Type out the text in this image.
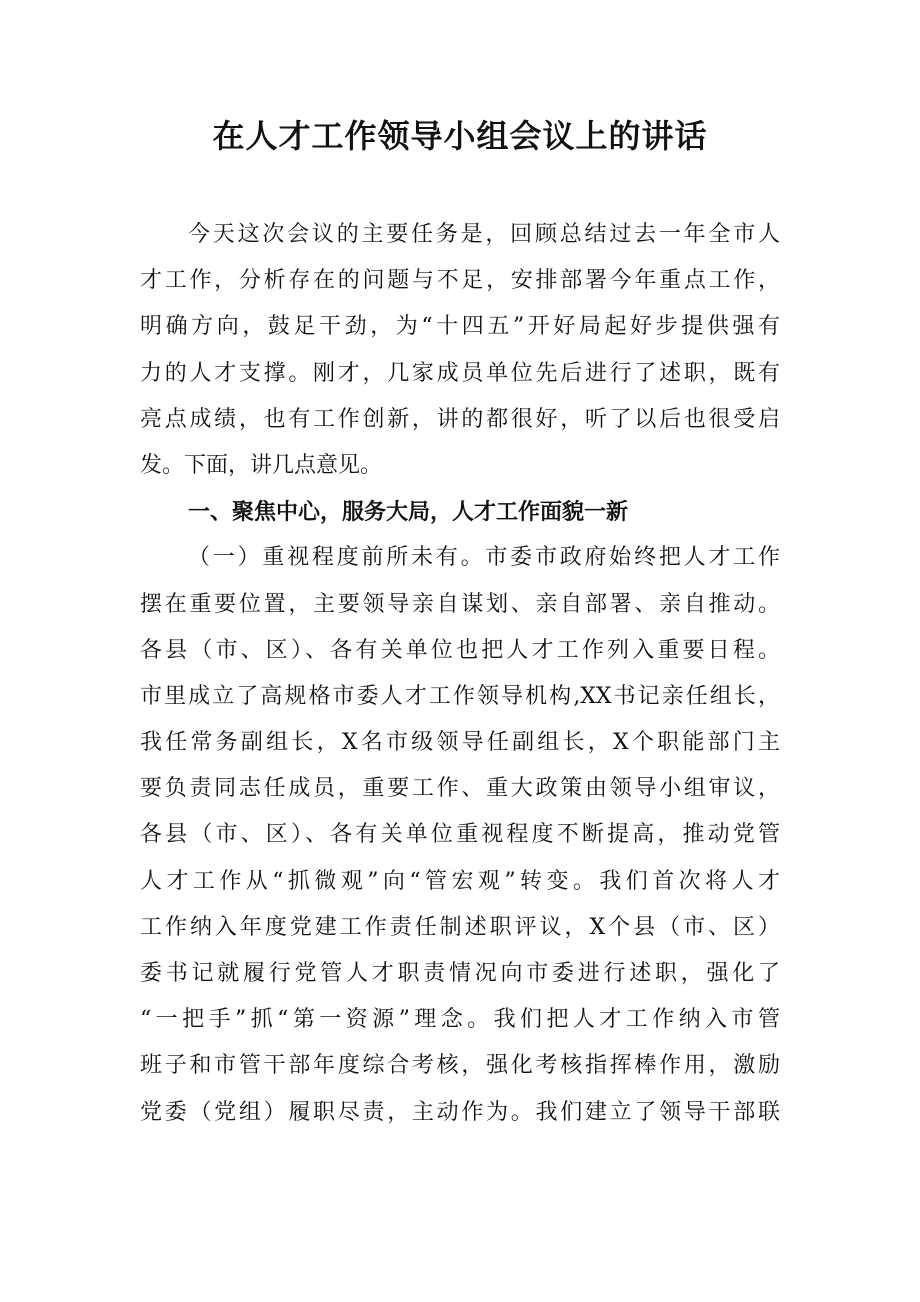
在人才工作领导小组会议上的讲话
今天这次会议的主要任务是，回顾总结过去一年全市人
才工作，分析存在的问题与不足，安排部署今年重点工作，
明确方向，鼓足干劲，为“十四五”开好局起好步提供强有
力的人才支撑。刚才，几家成员单位先后进行了述职，既有
亮点成绩，也有工作创新，讲的都很好，听了以后也很受启
发。下面，讲几点意见。
一、聚焦中心，服务大局，人才工作面貌一新
（一）重视程度前所未有。市委市政府始终把人才工作
摆在重要位置，主要领导亲自谋划、亲自部署、亲自推动。
各县（市、区）、各有关单位也把人才工作列入重要日程。
市里成立了高规格市委人才工作领导机构,XX书记亲任组长，
我任常务副组长，X名市级领导任副组长，X个职能部门主
要负责同志任成员，重要工作、重大政策由领导小组审议，
各县（市、区）、各有关单位重视程度不断提高，推动党管
人才工作从“抓微观”向“管宏观”转变。我们首次将人才
工作纳入年度党建工作责任制述职评议，X个县（市、区）
委书记就履行党管人才职责情况向市委进行述职，强化了
“一把手”抓“第一资源”理念。我们把人才工作纳入市管
班子和市管干部年度综合考核，强化考核指挥棒作用，激励
党委（党组）履职尽责，主动作为。我们建立了领导干部联
